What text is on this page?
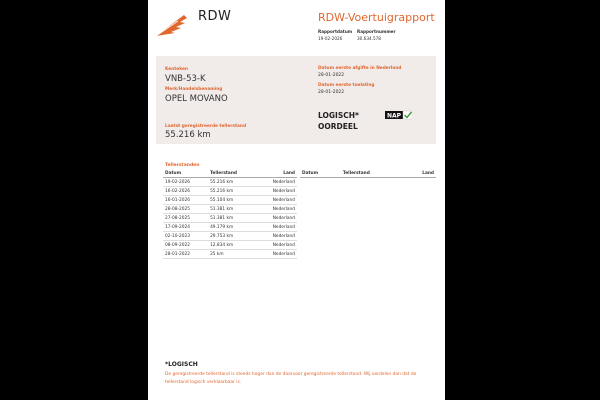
RDW	RDW-Voertuigrapport
Rapportdatum
19-02-2026
Rapportnummer
30.634.578
Kenteken
VNB-53-K
Merk/Handelsbenaming
OPEL MOVANO
Laatst geregistreerde tellerstand
55.216 km
Datum eerste afgifte in Nederland
28-01-2022
Datum eerste toelating
28-01-2022
LOGISCH*
OORDEEL
NAP
Tellerstanden
Datum	Tellerstand	Land
19-02-2026	55.216 km	Nederland
16-02-2026	55.216 km	Nederland
16-01-2026	55.104 km	Nederland
28-08-2025	51.381 km	Nederland
27-08-2025	51.381 km	Nederland
17-09-2024	49.179 km	Nederland
02-10-2023	29.753 km	Nederland
08-09-2022	12.834 km	Nederland
28-01-2022	25 km	Nederland
Datum	Tellerstand	Land
*LOGISCH
De geregistreerde tellerstand is steeds hoger dan de daarvoor geregistreerde tellerstand. Wij oordelen dan dat de tellerstand logisch verklaarbaar is.
